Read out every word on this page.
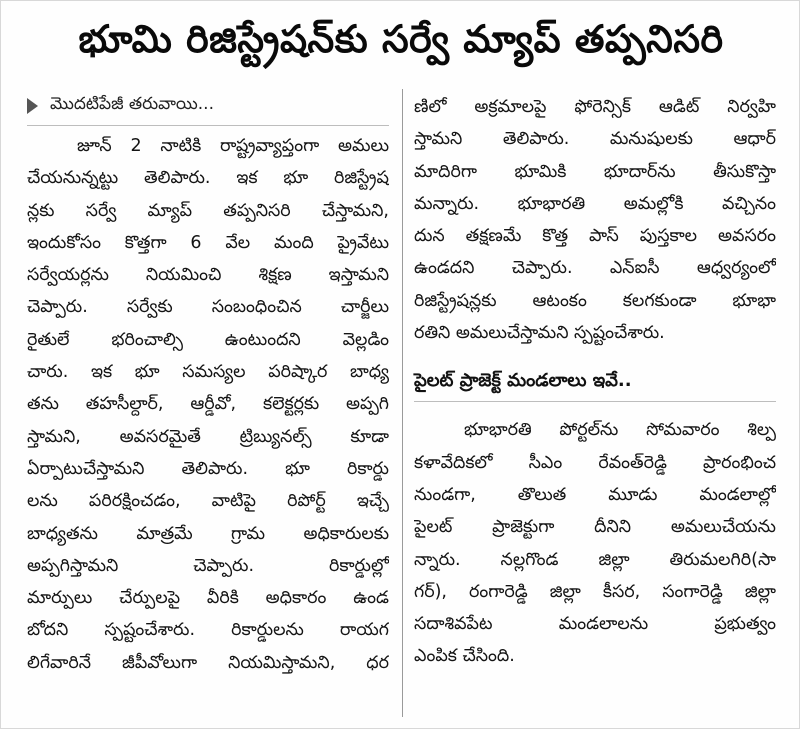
భూమి రిజిస్ట్రేషన్‌కు సర్వే మ్యాప్ తప్పనిసరి
మొదటిపేజీ తరువాయి...
జూన్ 2 నాటికి రాష్ట్రవ్యాప్తంగా అమలు
చేయనున్నట్టు తెలిపారు. ఇక భూ రిజిస్ట్రేష
న్లకు సర్వే మ్యాప్ తప్పనిసరి చేస్తామని,
ఇందుకోసం కొత్తగా 6 వేల మంది ప్రైవేటు
సర్వేయర్లను నియమించి శిక్షణ ఇస్తామని
చెప్పారు. సర్వేకు సంబంధించిన చార్జీలు
రైతులే భరించాల్సి ఉంటుందని వెల్లడిం
చారు. ఇక భూ సమస్యల పరిష్కార బాధ్య
తను తహసీల్దార్, ఆర్డీవో, కలెక్టర్లకు అప్పగి
స్తామని, అవసరమైతే ట్రిబ్యునల్స్ కూడా
ఏర్పాటుచేస్తామని తెలిపారు. భూ రికార్డు
లను పరిరక్షించడం, వాటిపై రిపోర్ట్ ఇచ్చే
బాధ్యతను మాత్రమే గ్రామ అధికారులకు
అప్పగిస్తామని చెప్పారు. రికార్డుల్లో
మార్పులు చేర్పులపై వీరికి అధికారం ఉండ
బోదని స్పష్టంచేశారు. రికార్డులను రాయగ
లిగేవారినే జీపీవోలుగా నియమిస్తామని, ధర
ణిలో అక్రమాలపై ఫోరెన్సిక్ ఆడిట్ నిర్వహి
స్తామని తెలిపారు. మనుషులకు ఆధార్
మాదిరిగా భూమికి భూదార్‌ను తీసుకొస్తా
మన్నారు. భూభారతి అమల్లోకి వచ్చినం
దున తక్షణమే కొత్త పాస్ పుస్తకాల అవసరం
ఉండదని చెప్పారు. ఎన్ఐసీ ఆధ్వర్యంలో
రిజిస్ట్రేషన్లకు ఆటంకం కలగకుండా భూభా
రతిని అమలుచేస్తామని స్పష్టంచేశారు.
పైలట్ ప్రాజెక్ట్ మండలాలు ఇవే..
భూభారతి పోర్టల్‌ను సోమవారం శిల్ప
కళావేదికలో సీఎం రేవంత్‌రెడ్డి ప్రారంభించ
నుండగా, తొలుత మూడు మండలాల్లో
పైలట్ ప్రాజెక్టుగా దీనిని అమలుచేయను
న్నారు. నల్లగొండ జిల్లా తిరుమలగిరి(సా
గర్), రంగారెడ్డి జిల్లా కీసర, సంగారెడ్డి జిల్లా
సదాశివపేట మండలాలను ప్రభుత్వం
ఎంపిక చేసింది.
